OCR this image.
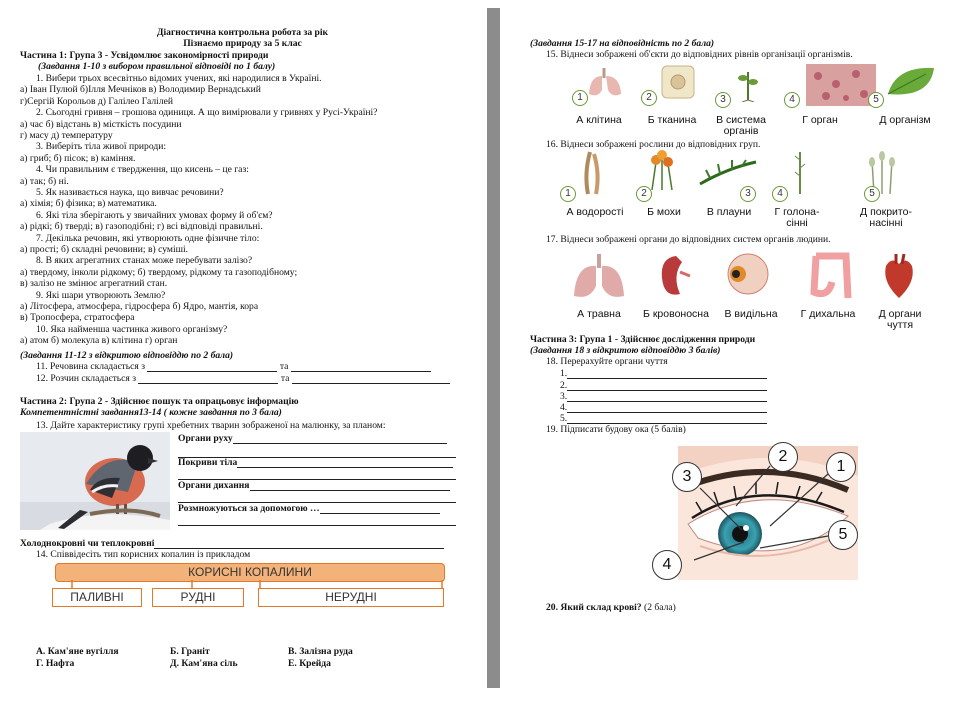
Діагностична контрольна робота за рік
Пізнаємо природу за 5 клас
Частина 1: Група 3 - Усвідомлює закономірності природи
(Завдання 1-10 з вибором правильної відповіді по 1 балу)
1. Вибери трьох всесвітньо відомих учених, які народилися в Україні.
а) Іван Пулюй б)Ілля Мечніков в) Володимир Вернадський
г)Сергій Корольов д) Галілео Галілей
2. Сьогодні гривня – грошова одиниця. А що вимірювали у гривнях у Русі-Україні?
а) час б) відстань в) місткість посудини
г) масу д) температуру
3. Виберіть тіла живої природи:
а) гриб; б) пісок; в) каміння.
4. Чи правильним є твердження, що кисень – це газ:
а) так; б) ні.
5. Як називається наука, що вивчає речовини?
а) хімія; б) фізика; в) математика.
6. Які тіла зберігають у звичайних умовах форму й об'єм?
а) рідкі; б) тверді; в) газоподібні; г) всі відповіді правильні.
7. Декілька речовин, які утворюють одне фізичне тіло:
а) прості; б) складні речовини; в) суміші.
8. В яких агрегатних станах може перебувати залізо?
а) твердому, інколи рідкому; б) твердому, рідкому та газоподібному;
в) залізо не змінює агрегатний стан.
9. Які шари утворюють Землю?
а) Літосфера, атмосфера, гідросфера б) Ядро, мантія, кора
в) Тропосфера, стратосфера
10. Яка найменша частинка живого організму?
а) атом б) молекула в) клітина г) орган
(Завдання 11-12 з відкритою відповіддю по 2 бала)
11. Речовина складається з	та
12. Розчин складається з	та
Частина 2: Група 2 - Здійснює пошук та опрацьовує інформацію
Компетентністні завдання13-14 ( кожне завдання по 3 бала)
13. Дайте характеристику групі хребетних тварин зображеної на малюнку, за планом:
Органи руху
Покриви тіла
Органи дихання
Розмножуються за допомогою …
Холоднокровні чи теплокровні
14. Співвідесіть тип корисних копалин із прикладом
КОРИСНІ КОПАЛИНИ
ПАЛИВНІ	РУДНІ	НЕРУДНІ
А. Кам'яне вугілля	Б. Граніт	В. Залізна руда
Г. Нафта	Д. Кам'яна сіль	Е. Крейда
(Завдання 15-17 на відповідність по 2 бала)
15. Віднеси зображені об'єкти до відповідних рівнів організації організмів.
1	2	3	4	5
А клітина	Б тканина	В система органів
Г орган	Д організм
16. Віднеси зображені рослини до відповідних груп.
1	2	3	4	5
А водорості	Б мохи	В плауни	Г голона-сінні
Д покрито-насінні
17. Віднеси зображені органи до відповідних систем органів людини.
А травна	Б кровоносна	В видільна	Г дихальна	Д органи чуття
Частина 3: Група 1 - Здійснює дослідження природи
(Завдання 18 з відкритою відповіддю 3 балів)
18. Перерахуйте органи чуття
1.
2.
3.
4.
5.
19. Підписати будову ока (5 балів)
3
2
1
4
5
20. Який склад крові? (2 бала)
